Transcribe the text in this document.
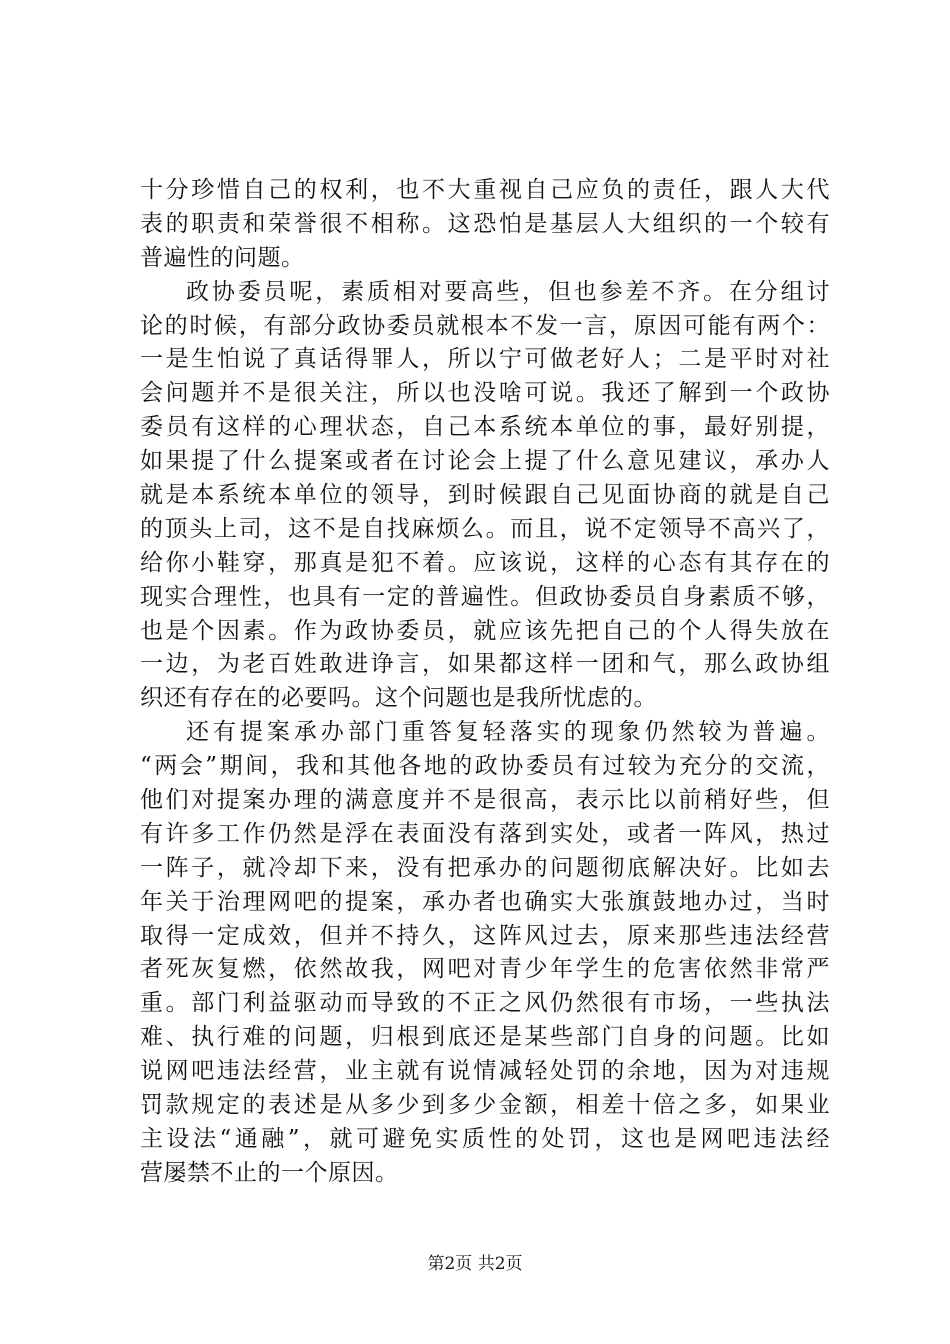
十分珍惜自己的权利，也不大重视自己应负的责任，跟人大代
表的职责和荣誉很不相称。这恐怕是基层人大组织的一个较有
普遍性的问题。
政协委员呢，素质相对要高些，但也参差不齐。在分组讨
论的时候，有部分政协委员就根本不发一言，原因可能有两个：
一是生怕说了真话得罪人，所以宁可做老好人；二是平时对社
会问题并不是很关注，所以也没啥可说。我还了解到一个政协
委员有这样的心理状态，自己本系统本单位的事，最好别提，
如果提了什么提案或者在讨论会上提了什么意见建议，承办人
就是本系统本单位的领导，到时候跟自己见面协商的就是自己
的顶头上司，这不是自找麻烦么。而且，说不定领导不高兴了，
给你小鞋穿，那真是犯不着。应该说，这样的心态有其存在的
现实合理性，也具有一定的普遍性。但政协委员自身素质不够，
也是个因素。作为政协委员，就应该先把自己的个人得失放在
一边，为老百姓敢进诤言，如果都这样一团和气，那么政协组
织还有存在的必要吗。这个问题也是我所忧虑的。
还有提案承办部门重答复轻落实的现象仍然较为普遍。
“两会”期间，我和其他各地的政协委员有过较为充分的交流，
他们对提案办理的满意度并不是很高，表示比以前稍好些，但
有许多工作仍然是浮在表面没有落到实处，或者一阵风，热过
一阵子，就冷却下来，没有把承办的问题彻底解决好。比如去
年关于治理网吧的提案，承办者也确实大张旗鼓地办过，当时
取得一定成效，但并不持久，这阵风过去，原来那些违法经营
者死灰复燃，依然故我，网吧对青少年学生的危害依然非常严
重。部门利益驱动而导致的不正之风仍然很有市场，一些执法
难、执行难的问题，归根到底还是某些部门自身的问题。比如
说网吧违法经营，业主就有说情减轻处罚的余地，因为对违规
罚款规定的表述是从多少到多少金额，相差十倍之多，如果业
主设法“通融”，就可避免实质性的处罚，这也是网吧违法经
营屡禁不止的一个原因。
第2页 共2页
